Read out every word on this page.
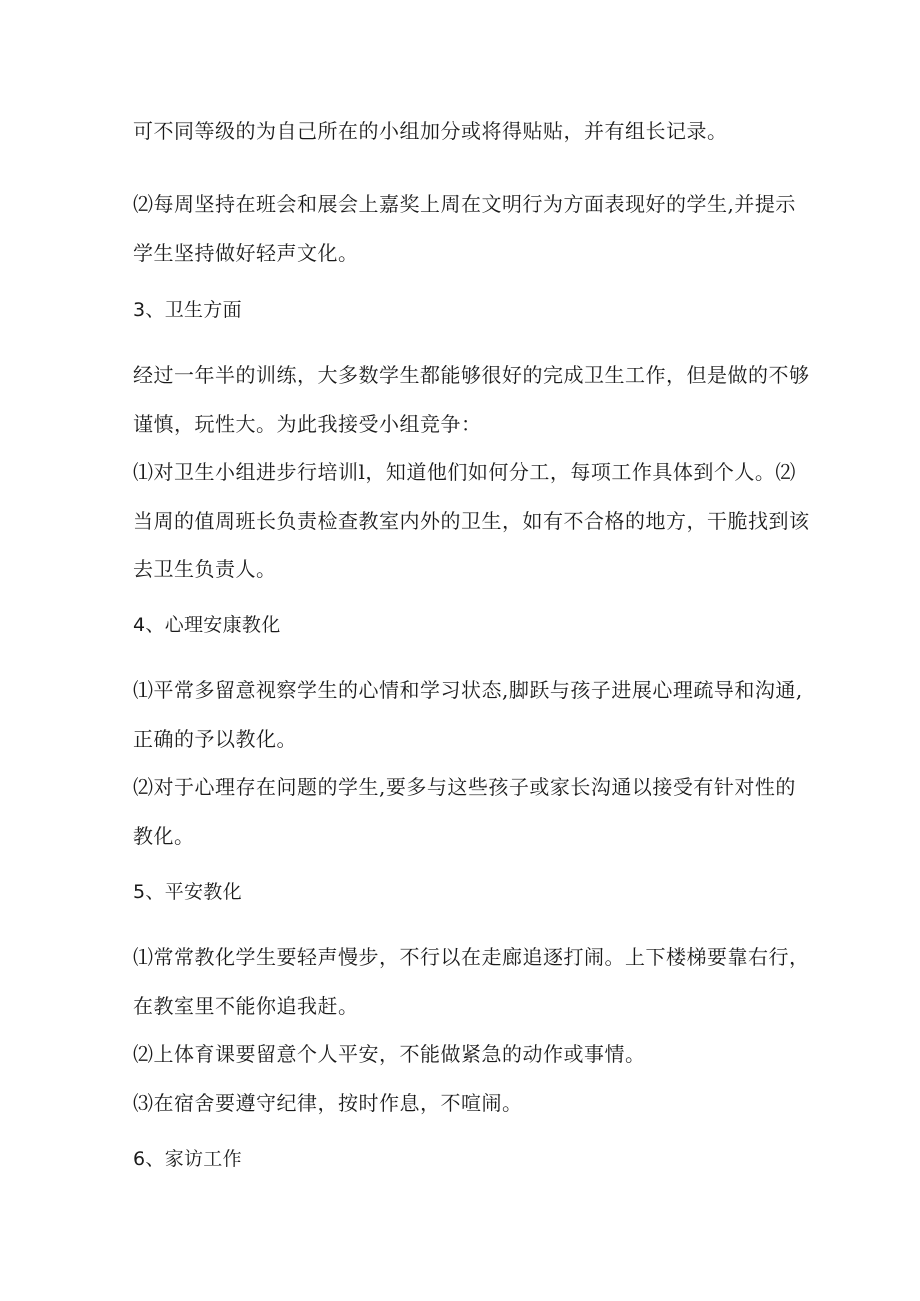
可不同等级的为自己所在的小组加分或将得贴贴，并有组长记录。

⑵每周坚持在班会和展会上嘉奖上周在文明行为方面表现好的学生,并提示

学生坚持做好轻声文化。

3、卫生方面

经过一年半的训练，大多数学生都能够很好的完成卫生工作，但是做的不够

谨慎，玩性大。为此我接受小组竞争：

⑴对卫生小组进步行培训l，知道他们如何分工，每项工作具体到个人。⑵

当周的值周班长负责检查教室内外的卫生，如有不合格的地方，干脆找到该

去卫生负责人。

4、心理安康教化

⑴平常多留意视察学生的心情和学习状态,脚跃与孩子进展心理疏导和沟通,

正确的予以教化。

⑵对于心理存在问题的学生,要多与这些孩子或家长沟通以接受有针对性的

教化。

5、平安教化

⑴常常教化学生要轻声慢步，不行以在走廊追逐打闹。上下楼梯要靠右行，

在教室里不能你追我赶。

⑵上体育课要留意个人平安，不能做紧急的动作或事情。

⑶在宿舍要遵守纪律，按时作息，不喧闹。

6、家访工作
